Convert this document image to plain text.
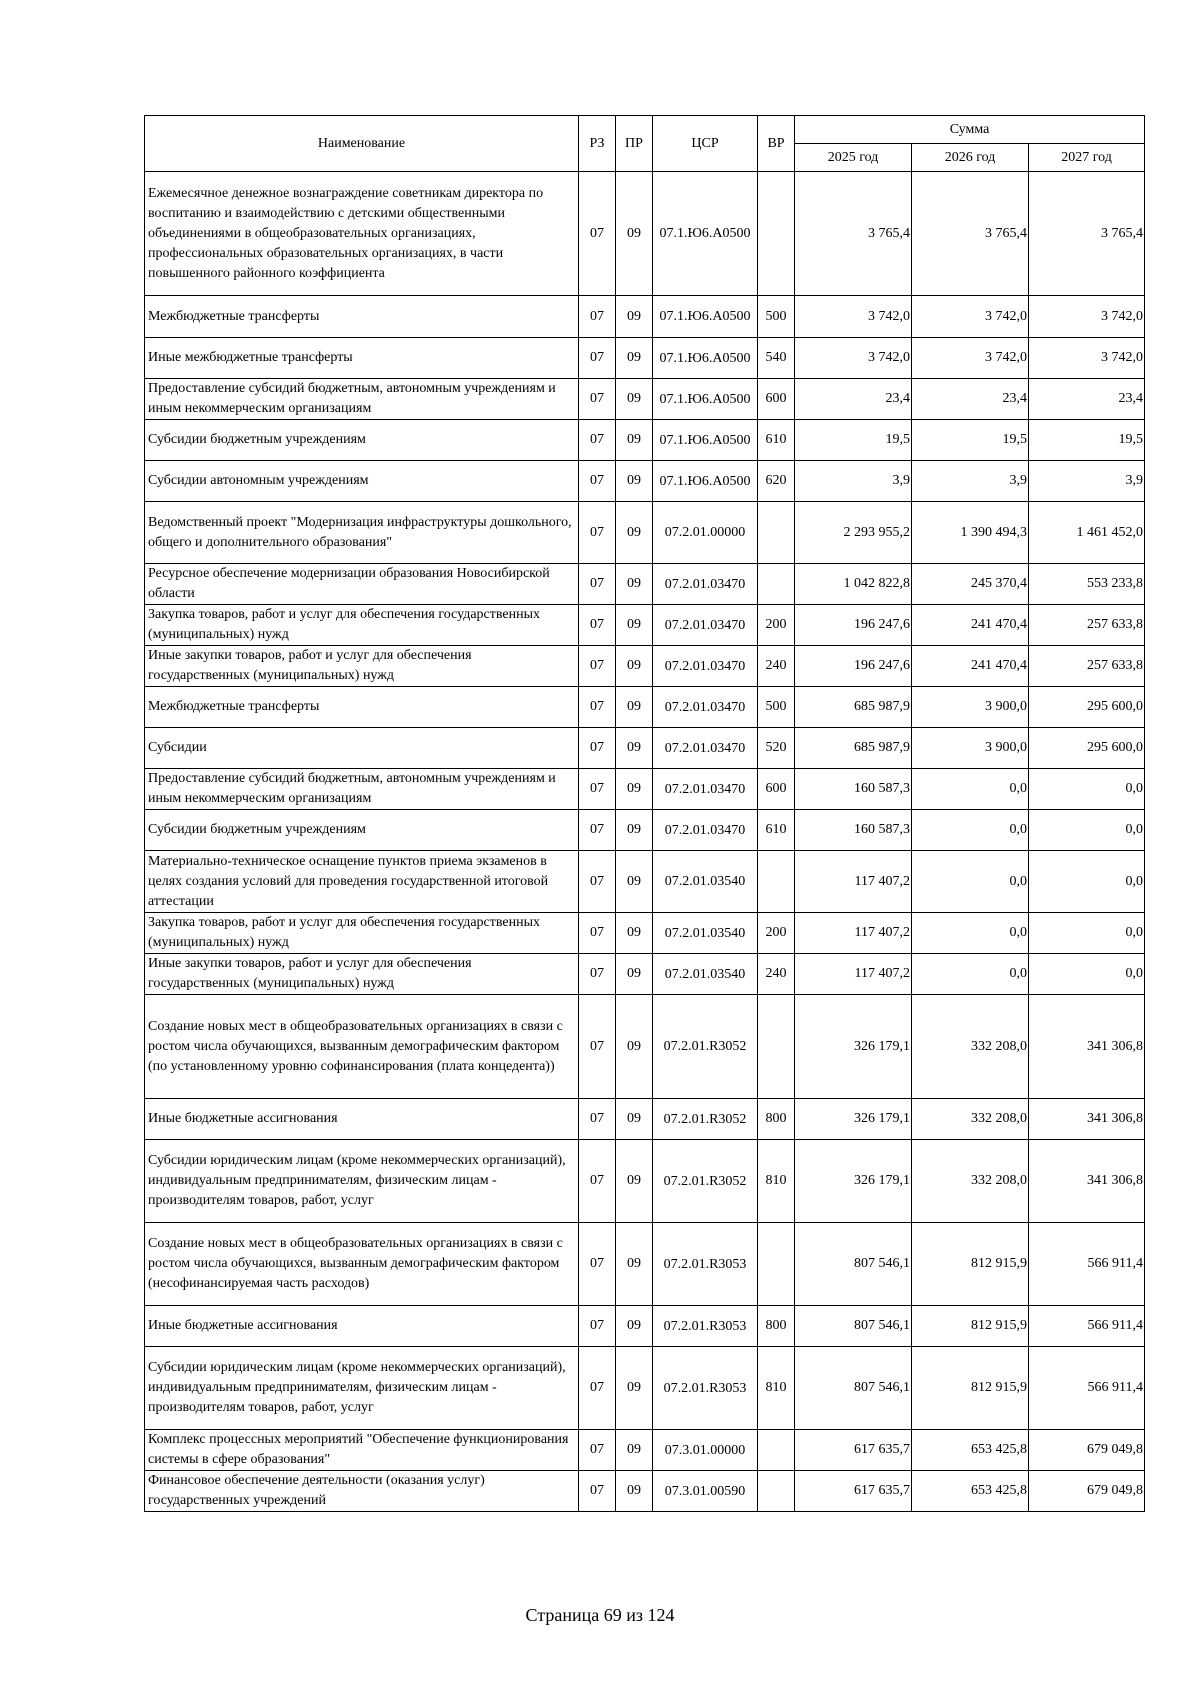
Наименование	РЗ	ПР	ЦСР	ВР	Сумма		
					2025 год	2026 год	2027 год
Ежемесячное денежное вознаграждение советникам директора по воспитанию и взаимодействию с детскими общественными объединениями в общеобразовательных организациях, профессиональных образовательных организациях, в части повышенного районного коэффициента	07	09	07.1.Ю6.А0500		3 765,4	3 765,4	3 765,4
Межбюджетные трансферты	07	09	07.1.Ю6.А0500	500	3 742,0	3 742,0	3 742,0
Иные межбюджетные трансферты	07	09	07.1.Ю6.А0500	540	3 742,0	3 742,0	3 742,0
Предоставление субсидий бюджетным, автономным учреждениям и иным некоммерческим организациям	07	09	07.1.Ю6.А0500	600	23,4	23,4	23,4
Субсидии бюджетным учреждениям	07	09	07.1.Ю6.А0500	610	19,5	19,5	19,5
Субсидии автономным учреждениям	07	09	07.1.Ю6.А0500	620	3,9	3,9	3,9
Ведомственный проект "Модернизация инфраструктуры дошкольного, общего и дополнительного образования"	07	09	07.2.01.00000		2 293 955,2	1 390 494,3	1 461 452,0
Ресурсное обеспечение модернизации образования Новосибирской области	07	09	07.2.01.03470		1 042 822,8	245 370,4	553 233,8
Закупка товаров, работ и услуг для обеспечения государственных (муниципальных) нужд	07	09	07.2.01.03470	200	196 247,6	241 470,4	257 633,8
Иные закупки товаров, работ и услуг для обеспечения государственных (муниципальных) нужд	07	09	07.2.01.03470	240	196 247,6	241 470,4	257 633,8
Межбюджетные трансферты	07	09	07.2.01.03470	500	685 987,9	3 900,0	295 600,0
Субсидии	07	09	07.2.01.03470	520	685 987,9	3 900,0	295 600,0
Предоставление субсидий бюджетным, автономным учреждениям и иным некоммерческим организациям	07	09	07.2.01.03470	600	160 587,3	0,0	0,0
Субсидии бюджетным учреждениям	07	09	07.2.01.03470	610	160 587,3	0,0	0,0
Материально-техническое оснащение пунктов приема экзаменов в целях создания условий для проведения государственной итоговой аттестации	07	09	07.2.01.03540		117 407,2	0,0	0,0
Закупка товаров, работ и услуг для обеспечения государственных (муниципальных) нужд	07	09	07.2.01.03540	200	117 407,2	0,0	0,0
Иные закупки товаров, работ и услуг для обеспечения государственных (муниципальных) нужд	07	09	07.2.01.03540	240	117 407,2	0,0	0,0
Создание новых мест в общеобразовательных организациях в связи с ростом числа обучающихся, вызванным демографическим фактором (по установленному уровню софинансирования (плата концедента))	07	09	07.2.01.R3052		326 179,1	332 208,0	341 306,8
Иные бюджетные ассигнования	07	09	07.2.01.R3052	800	326 179,1	332 208,0	341 306,8
Субсидии юридическим лицам (кроме некоммерческих организаций), индивидуальным предпринимателям, физическим лицам - производителям товаров, работ, услуг	07	09	07.2.01.R3052	810	326 179,1	332 208,0	341 306,8
Создание новых мест в общеобразовательных организациях в связи с ростом числа обучающихся, вызванным демографическим фактором (несофинансируемая часть расходов)	07	09	07.2.01.R3053		807 546,1	812 915,9	566 911,4
Иные бюджетные ассигнования	07	09	07.2.01.R3053	800	807 546,1	812 915,9	566 911,4
Субсидии юридическим лицам (кроме некоммерческих организаций), индивидуальным предпринимателям, физическим лицам - производителям товаров, работ, услуг	07	09	07.2.01.R3053	810	807 546,1	812 915,9	566 911,4
Комплекс процессных мероприятий "Обеспечение функционирования системы в сфере образования"	07	09	07.3.01.00000		617 635,7	653 425,8	679 049,8
Финансовое обеспечение деятельности (оказания услуг) государственных учреждений	07	09	07.3.01.00590		617 635,7	653 425,8	679 049,8
Страница 69 из 124
